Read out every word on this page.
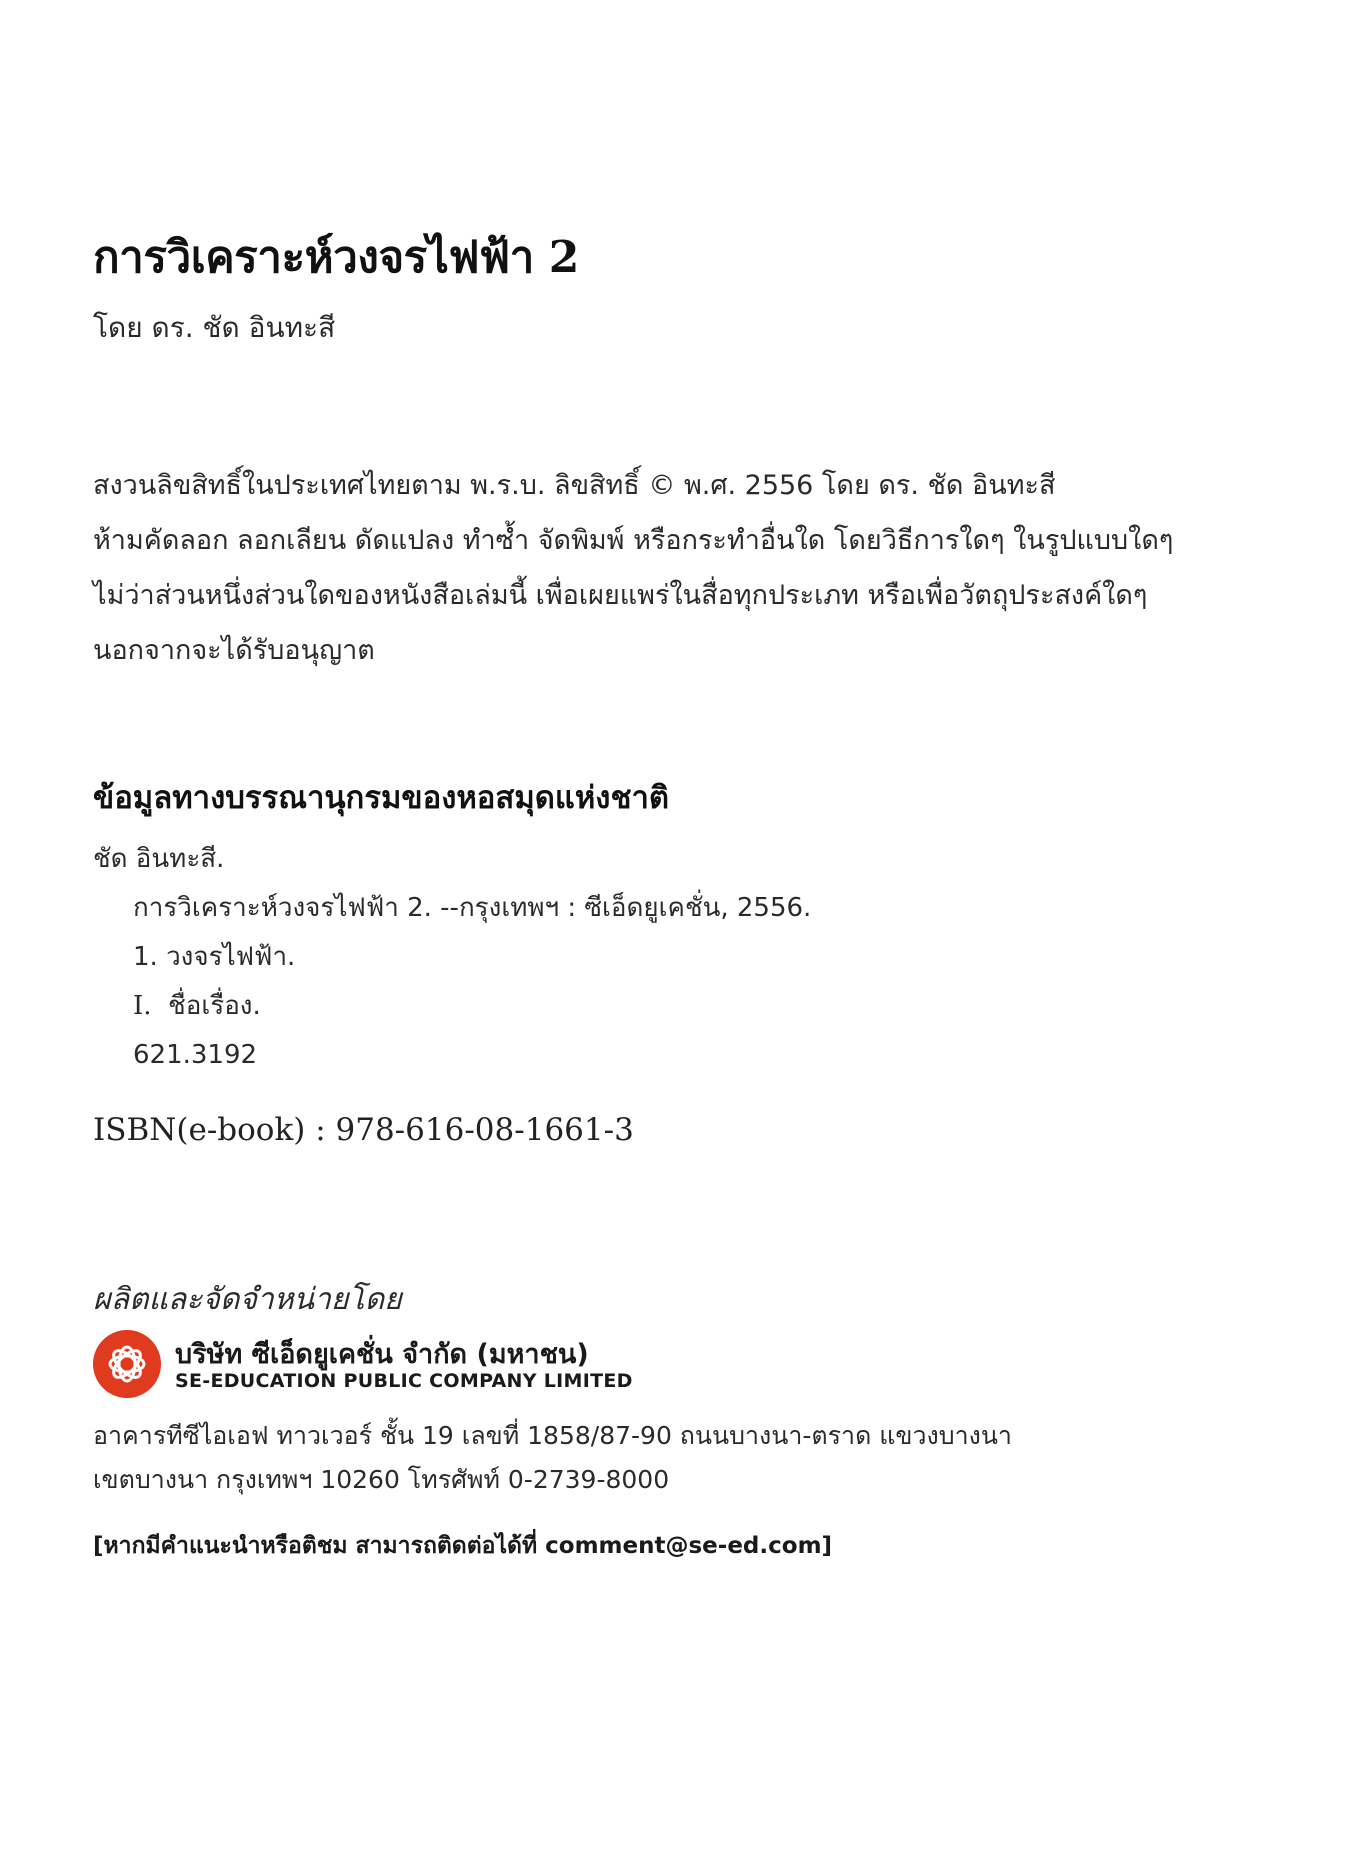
การวิเคราะห์วงจรไฟฟ้า 2
โดย ดร. ชัด อินทะสี
สงวนลิขสิทธิ์ในประเทศไทยตาม พ.ร.บ. ลิขสิทธิ์ © พ.ศ. 2556 โดย ดร. ชัด อินทะสี
ห้ามคัดลอก ลอกเลียน ดัดแปลง ทำซ้ำ จัดพิมพ์ หรือกระทำอื่นใด โดยวิธีการใดๆ ในรูปแบบใดๆ
ไม่ว่าส่วนหนึ่งส่วนใดของหนังสือเล่มนี้ เพื่อเผยแพร่ในสื่อทุกประเภท หรือเพื่อวัตถุประสงค์ใดๆ
นอกจากจะได้รับอนุญาต
ข้อมูลทางบรรณานุกรมของหอสมุดแห่งชาติ
ชัด อินทะสี.
การวิเคราะห์วงจรไฟฟ้า 2. --กรุงเทพฯ : ซีเอ็ดยูเคชั่น, 2556.
1. วงจรไฟฟ้า.
I. ชื่อเรื่อง.
621.3192
ISBN(e-book) : 978-616-08-1661-3
ผลิตและจัดจำหน่ายโดย
บริษัท ซีเอ็ดยูเคชั่น จำกัด (มหาชน)
SE-EDUCATION PUBLIC COMPANY LIMITED
อาคารทีซีไอเอฟ ทาวเวอร์ ชั้น 19 เลขที่ 1858/87-90 ถนนบางนา-ตราด แขวงบางนา
เขตบางนา กรุงเทพฯ 10260 โทรศัพท์ 0-2739-8000
[หากมีคำแนะนำหรือติชม สามารถติดต่อได้ที่ comment@se-ed.com]
